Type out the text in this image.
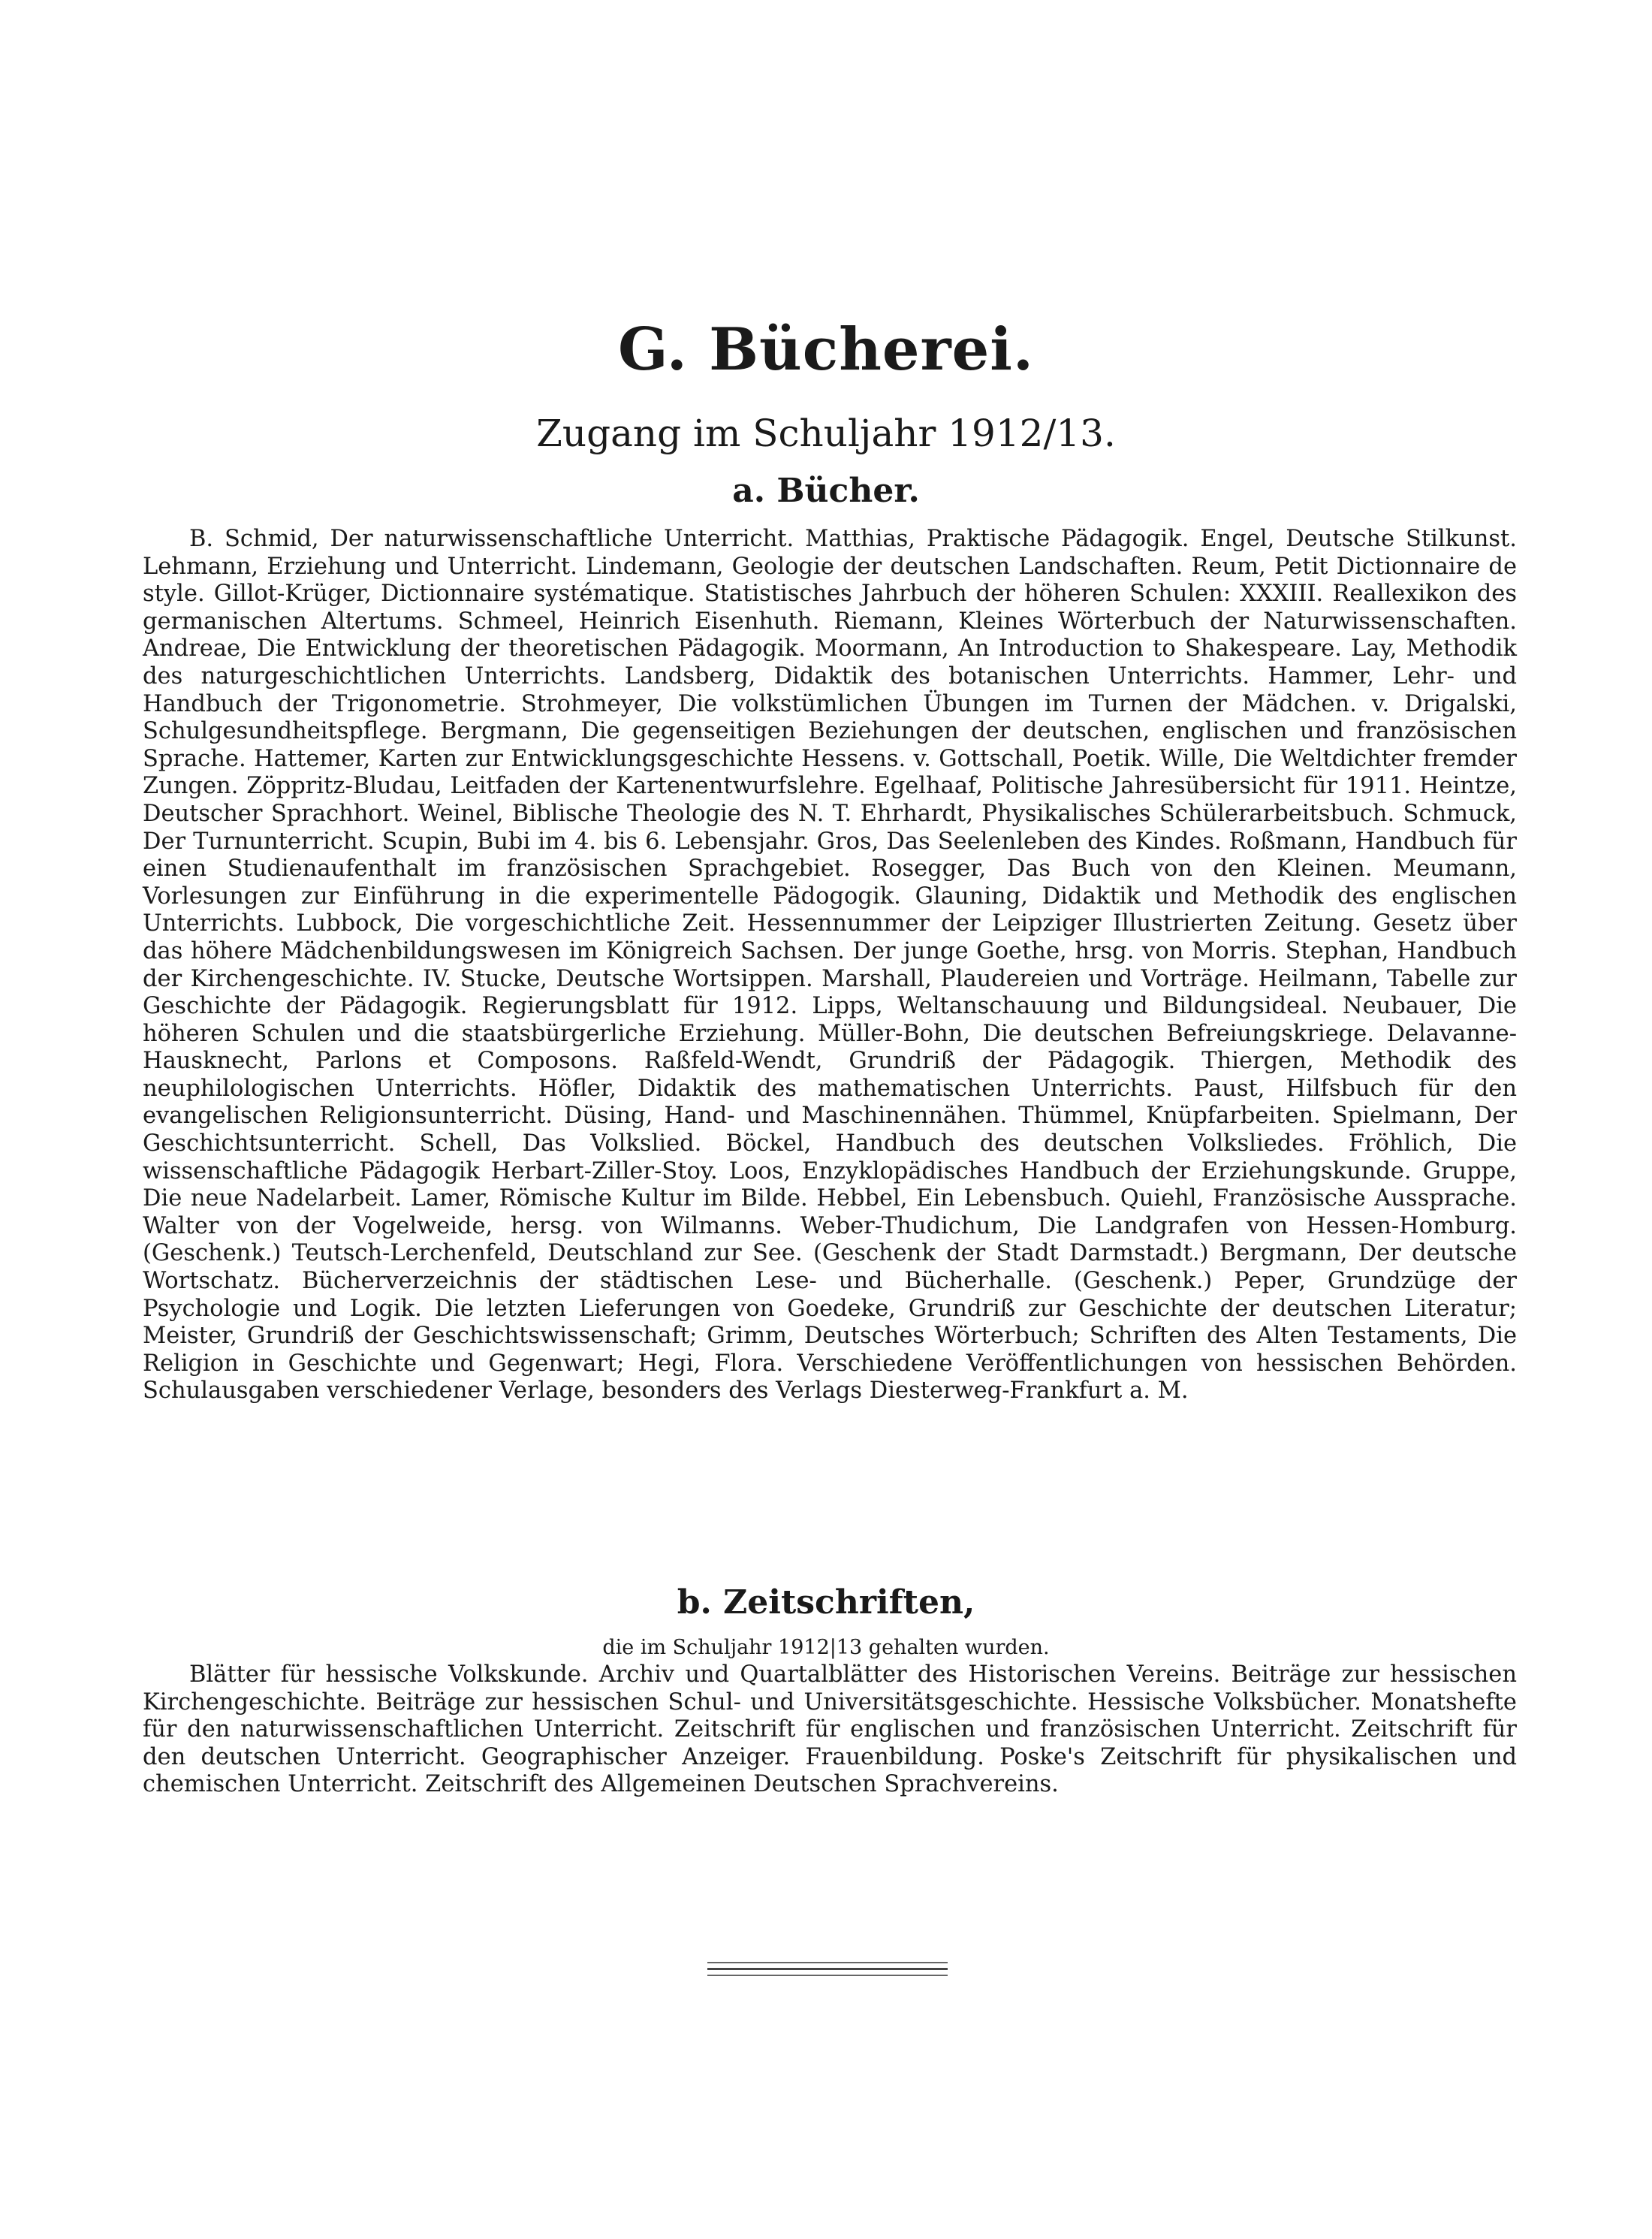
G. Bücherei.
Zugang im Schuljahr 1912/13.
a. Bücher.

B. Schmid, Der naturwissenschaftliche Unterricht. Matthias, Praktische Pädagogik. Engel, Deutsche Stilkunst. Lehmann, Erziehung und Unterricht. Lindemann, Geologie der deutschen Landschaften. Reum, Petit Dictionnaire de style. Gillot-Krüger, Dictionnaire systématique. Statistisches Jahrbuch der höheren Schulen: XXXIII. Reallexikon des germanischen Altertums. Schmeel, Heinrich Eisenhuth. Riemann, Kleines Wörterbuch der Naturwissenschaften. Andreae, Die Entwicklung der theoretischen Pädagogik. Moormann, An Introduction to Shakespeare. Lay, Methodik des naturgeschichtlichen Unterrichts. Landsberg, Didaktik des botanischen Unterrichts. Hammer, Lehr- und Handbuch der Trigonometrie. Strohmeyer, Die volkstümlichen Übungen im Turnen der Mädchen. v. Drigalski, Schulgesundheitspflege. Bergmann, Die gegenseitigen Beziehungen der deutschen, englischen und französischen Sprache. Hattemer, Karten zur Entwicklungsgeschichte Hessens. v. Gottschall, Poetik. Wille, Die Weltdichter fremder Zungen. Zöppritz-Bludau, Leitfaden der Kartenentwurfslehre. Egelhaaf, Politische Jahresübersicht für 1911. Heintze, Deutscher Sprachhort. Weinel, Biblische Theologie des N. T. Ehrhardt, Physikalisches Schülerarbeitsbuch. Schmuck, Der Turnunterricht. Scupin, Bubi im 4. bis 6. Lebensjahr. Gros, Das Seelenleben des Kindes. Roßmann, Handbuch für einen Studienaufenthalt im französischen Sprachgebiet. Rosegger, Das Buch von den Kleinen. Meumann, Vorlesungen zur Einführung in die experimentelle Pädogogik. Glauning, Didaktik und Methodik des englischen Unterrichts. Lubbock, Die vorgeschichtliche Zeit. Hessennummer der Leipziger Illustrierten Zeitung. Gesetz über das höhere Mädchenbildungswesen im Königreich Sachsen. Der junge Goethe, hrsg. von Morris. Stephan, Handbuch der Kirchengeschichte. IV. Stucke, Deutsche Wortsippen. Marshall, Plaudereien und Vorträge. Heilmann, Tabelle zur Geschichte der Pädagogik. Regierungsblatt für 1912. Lipps, Weltanschauung und Bildungsideal. Neubauer, Die höheren Schulen und die staatsbürgerliche Erziehung. Müller-Bohn, Die deutschen Befreiungskriege. Delavanne-Hausknecht, Parlons et Composons. Raßfeld-Wendt, Grundriß der Pädagogik. Thiergen, Methodik des neuphilologischen Unterrichts. Höfler, Didaktik des mathematischen Unterrichts. Paust, Hilfsbuch für den evangelischen Religionsunterricht. Düsing, Hand- und Maschinennähen. Thümmel, Knüpfarbeiten. Spielmann, Der Geschichtsunterricht. Schell, Das Volkslied. Böckel, Handbuch des deutschen Volksliedes. Fröhlich, Die wissenschaftliche Pädagogik Herbart-Ziller-Stoy. Loos, Enzyklopädisches Handbuch der Erziehungskunde. Gruppe, Die neue Nadelarbeit. Lamer, Römische Kultur im Bilde. Hebbel, Ein Lebensbuch. Quiehl, Französische Aussprache. Walter von der Vogelweide, hersg. von Wilmanns. Weber-Thudichum, Die Landgrafen von Hessen-Homburg. (Geschenk.) Teutsch-Lerchenfeld, Deutschland zur See. (Geschenk der Stadt Darmstadt.) Bergmann, Der deutsche Wortschatz. Bücherverzeichnis der städtischen Lese- und Bücherhalle. (Geschenk.) Peper, Grundzüge der Psychologie und Logik. Die letzten Lieferungen von Goedeke, Grundriß zur Geschichte der deutschen Literatur; Meister, Grundriß der Geschichtswissenschaft; Grimm, Deutsches Wörterbuch; Schriften des Alten Testaments, Die Religion in Geschichte und Gegenwart; Hegi, Flora. Verschiedene Veröffentlichungen von hessischen Behörden. Schulausgaben verschiedener Verlage, besonders des Verlags Diesterweg-Frankfurt a. M.

b. Zeitschriften,
die im Schuljahr 1912|13 gehalten wurden.

Blätter für hessische Volkskunde. Archiv und Quartalblätter des Historischen Vereins. Beiträge zur hessischen Kirchengeschichte. Beiträge zur hessischen Schul- und Universitätsgeschichte. Hessische Volksbücher. Monatshefte für den naturwissenschaftlichen Unterricht. Zeitschrift für englischen und französischen Unterricht. Zeitschrift für den deutschen Unterricht. Geographischer Anzeiger. Frauenbildung. Poske's Zeitschrift für physikalischen und chemischen Unterricht. Zeitschrift des Allgemeinen Deutschen Sprachvereins.
